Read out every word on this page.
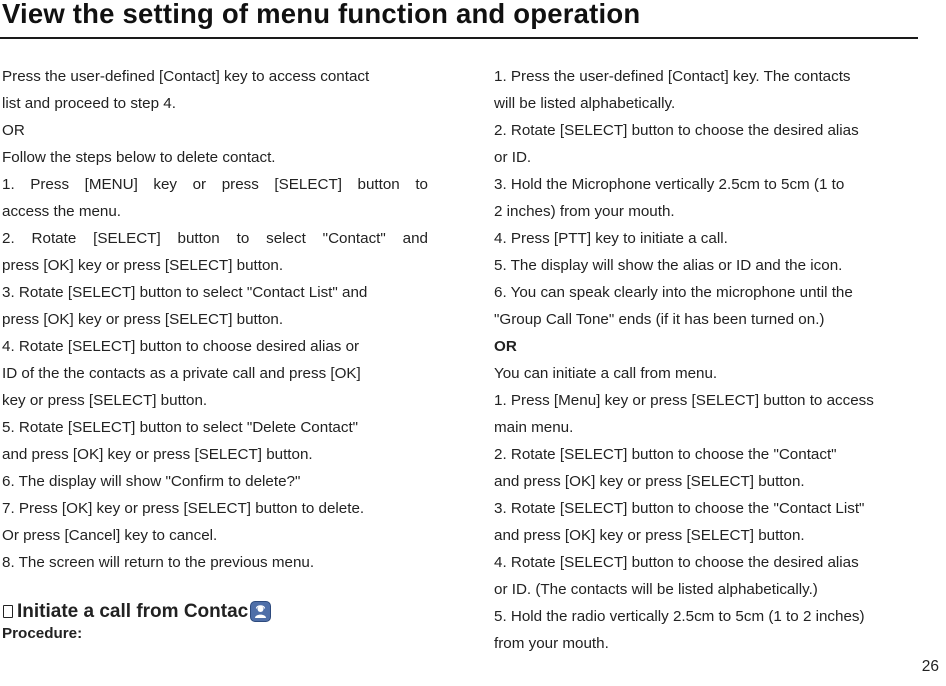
View the setting of menu function and operation
Press the user-defined [Contact] key to access contact
list and proceed to step 4.
OR
Follow the steps below to delete contact.
1. Press [MENU] key or press [SELECT] button to
access the menu.
2. Rotate [SELECT] button to select "Contact" and
press [OK] key or press [SELECT] button.
3. Rotate [SELECT] button to select "Contact List" and
press [OK] key or press [SELECT] button.
4. Rotate [SELECT] button to choose desired alias or
ID of the the contacts as a private call and press [OK]
key or press [SELECT] button.
5. Rotate [SELECT] button to select "Delete Contact"
and press [OK] key or press [SELECT] button.
6. The display will show "Confirm to delete?"
7. Press [OK] key or press [SELECT] button to delete.
Or press [Cancel] key to cancel.
8. The screen will return to the previous menu.
Initiate a call from Contac
Procedure:
1. Press the user-defined [Contact] key. The contacts
will be listed alphabetically.
2. Rotate [SELECT] button to choose the desired alias
or ID.
3. Hold the Microphone vertically 2.5cm to 5cm (1 to
2 inches) from your mouth.
4. Press [PTT] key to initiate a call.
5. The display will show the alias or ID and the icon.
6. You can speak clearly into the microphone until the
"Group Call Tone" ends (if it has been turned on.)
OR
You can initiate a call from menu.
1. Press [Menu] key or press [SELECT] button to access
main menu.
2. Rotate [SELECT] button to choose the "Contact"
and press [OK] key or press [SELECT] button.
3. Rotate [SELECT] button to choose the "Contact List"
and press [OK] key or press [SELECT] button.
4. Rotate [SELECT] button to choose the desired alias
or ID. (The contacts will be listed alphabetically.)
5. Hold the radio vertically 2.5cm to 5cm (1 to 2 inches)
from your mouth.
26
